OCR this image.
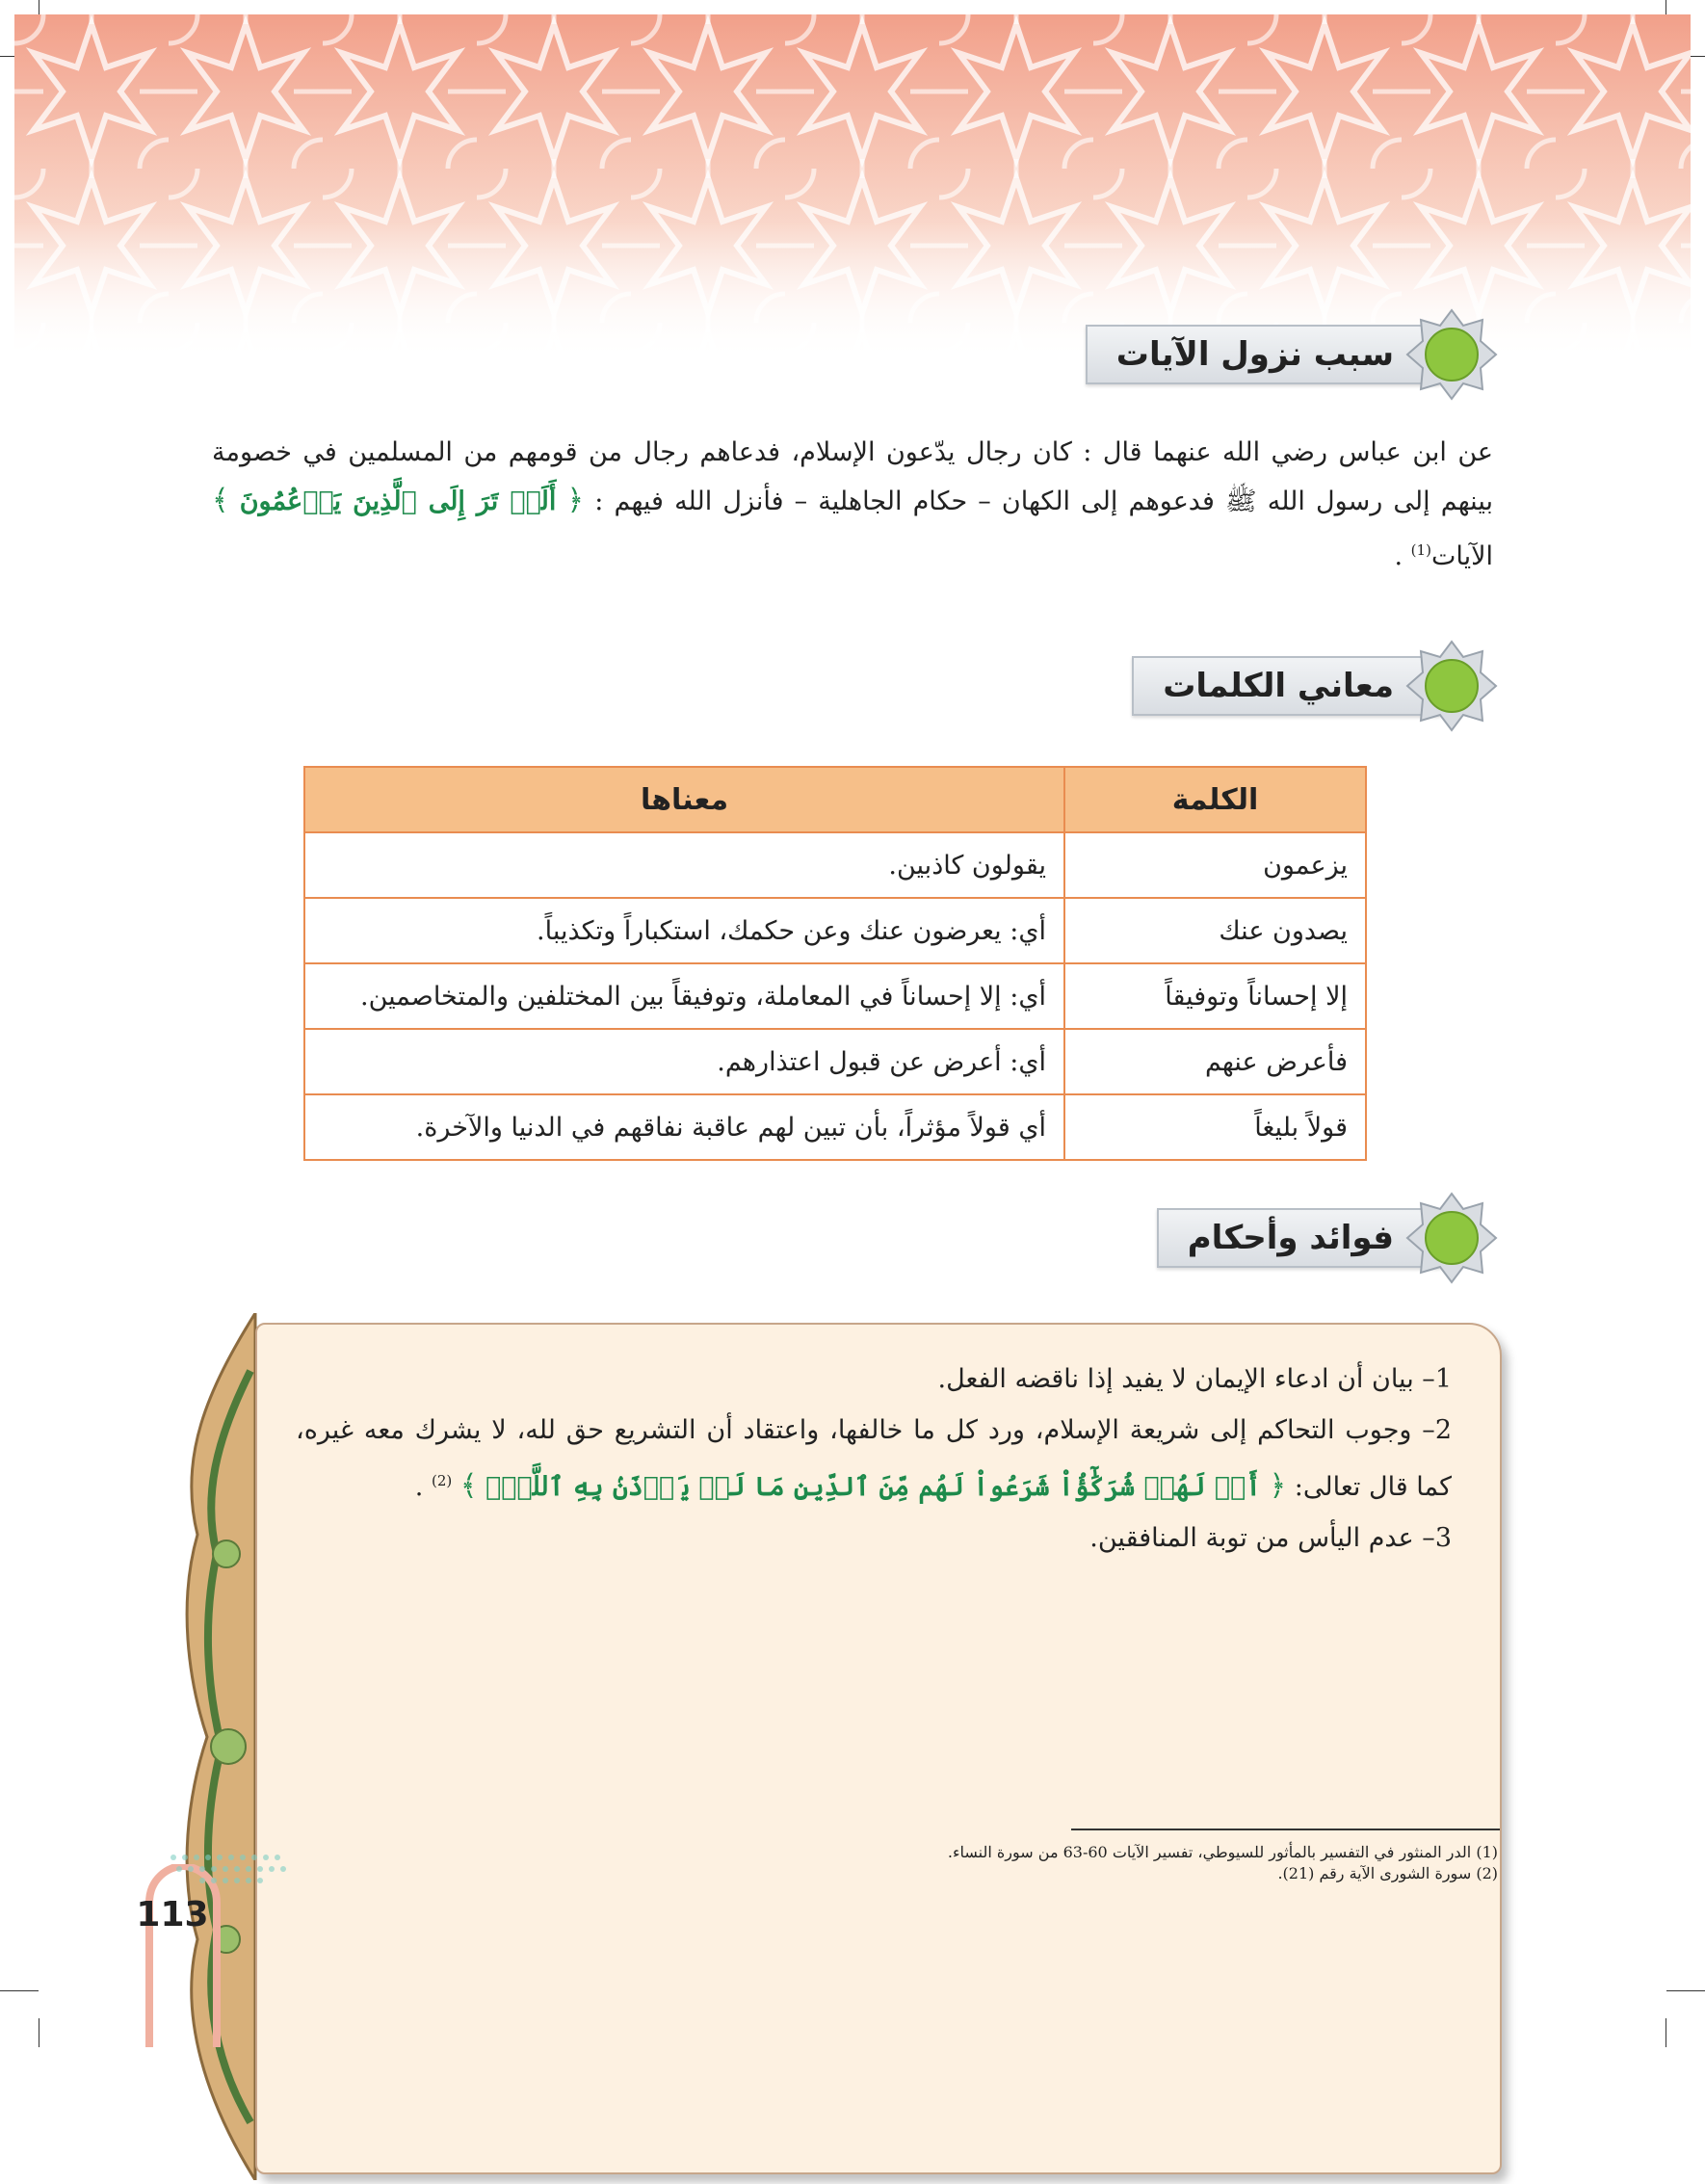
سبب نزول الآيات
عن ابن عباس رضي الله عنهما قال : كان رجال يدّعون الإسلام، فدعاهم رجال من قومهم من المسلمين في خصومة بينهم إلى رسول الله ﷺ فدعوهم إلى الكهان – حكام الجاهلية – فأنزل الله فيهم : ﴿ أَلَمۡ تَرَ إِلَى ٱلَّذِينَ يَزۡعُمُونَ ﴾ الآيات$^{(1)}$ .
معاني الكلمات
الكلمة	معناها
يزعمون	يقولون كاذبين.
يصدون عنك	أي: يعرضون عنك وعن حكمك، استكباراً وتكذيباً.
إلا إحساناً وتوفيقاً	أي: إلا إحساناً في المعاملة، وتوفيقاً بين المختلفين والمتخاصمين.
فأعرض عنهم	أي: أعرض عن قبول اعتذارهم.
قولاً بليغاً	أي قولاً مؤثراً، بأن تبين لهم عاقبة نفاقهم في الدنيا والآخرة.
فوائد وأحكام
1– بيان أن ادعاء الإيمان لا يفيد إذا ناقضه الفعل.
2– وجوب التحاكم إلى شريعة الإسلام، ورد كل ما خالفها، واعتقاد أن التشريع حق لله، لا يشرك معه غيره، كما قال تعالى: ﴿ أَمۡ لَهُمۡ شُرَكَٰٓؤُاْ شَرَعُواْ لَهُم مِّنَ ٱلدِّينِ مَا لَمۡ يَأۡذَنۢ بِهِ ٱللَّهُۚ ﴾ $^{(2)}$ .
3– عدم اليأس من توبة المنافقين.
(1) الدر المنثور في التفسير بالمأثور للسيوطي، تفسير الآيات 60-63 من سورة النساء.
(2) سورة الشورى الآية رقم (21).
113
